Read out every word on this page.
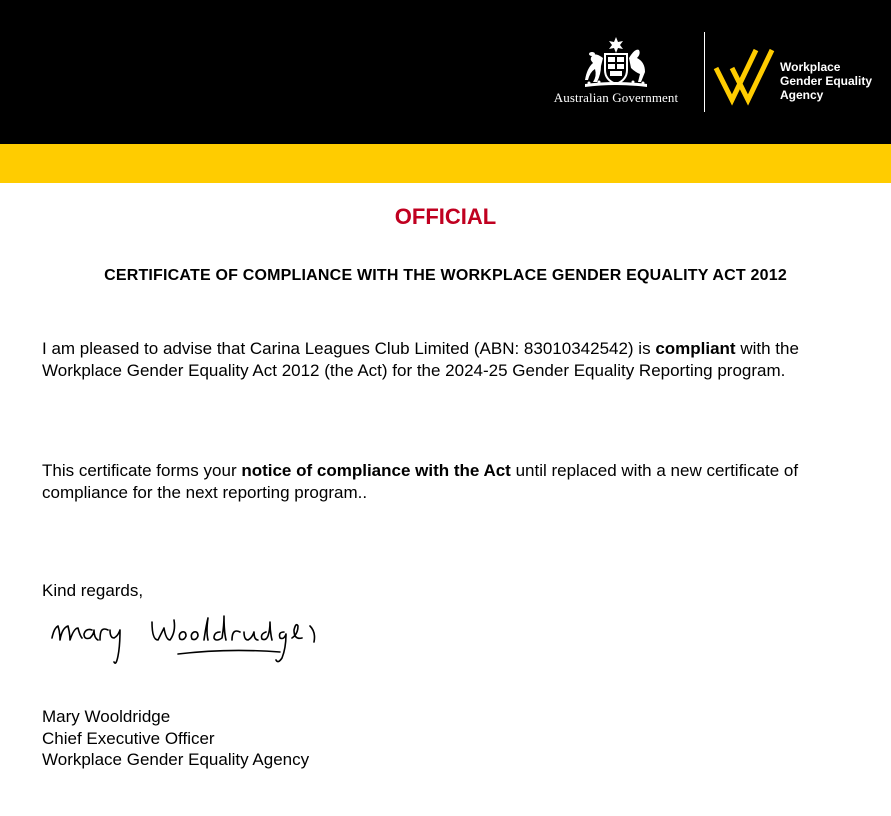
Australian Government
Workplace
Gender Equality
Agency
OFFICIAL
CERTIFICATE OF COMPLIANCE WITH THE WORKPLACE GENDER EQUALITY ACT 2012
I am pleased to advise that Carina Leagues Club Limited (ABN: 83010342542) is compliant with the Workplace Gender Equality Act 2012 (the Act) for the 2024-25 Gender Equality Reporting program.
This certificate forms your notice of compliance with the Act until replaced with a new certificate of compliance for the next reporting program..
Kind regards,
Mary Wooldridge
Chief Executive Officer
Workplace Gender Equality Agency
